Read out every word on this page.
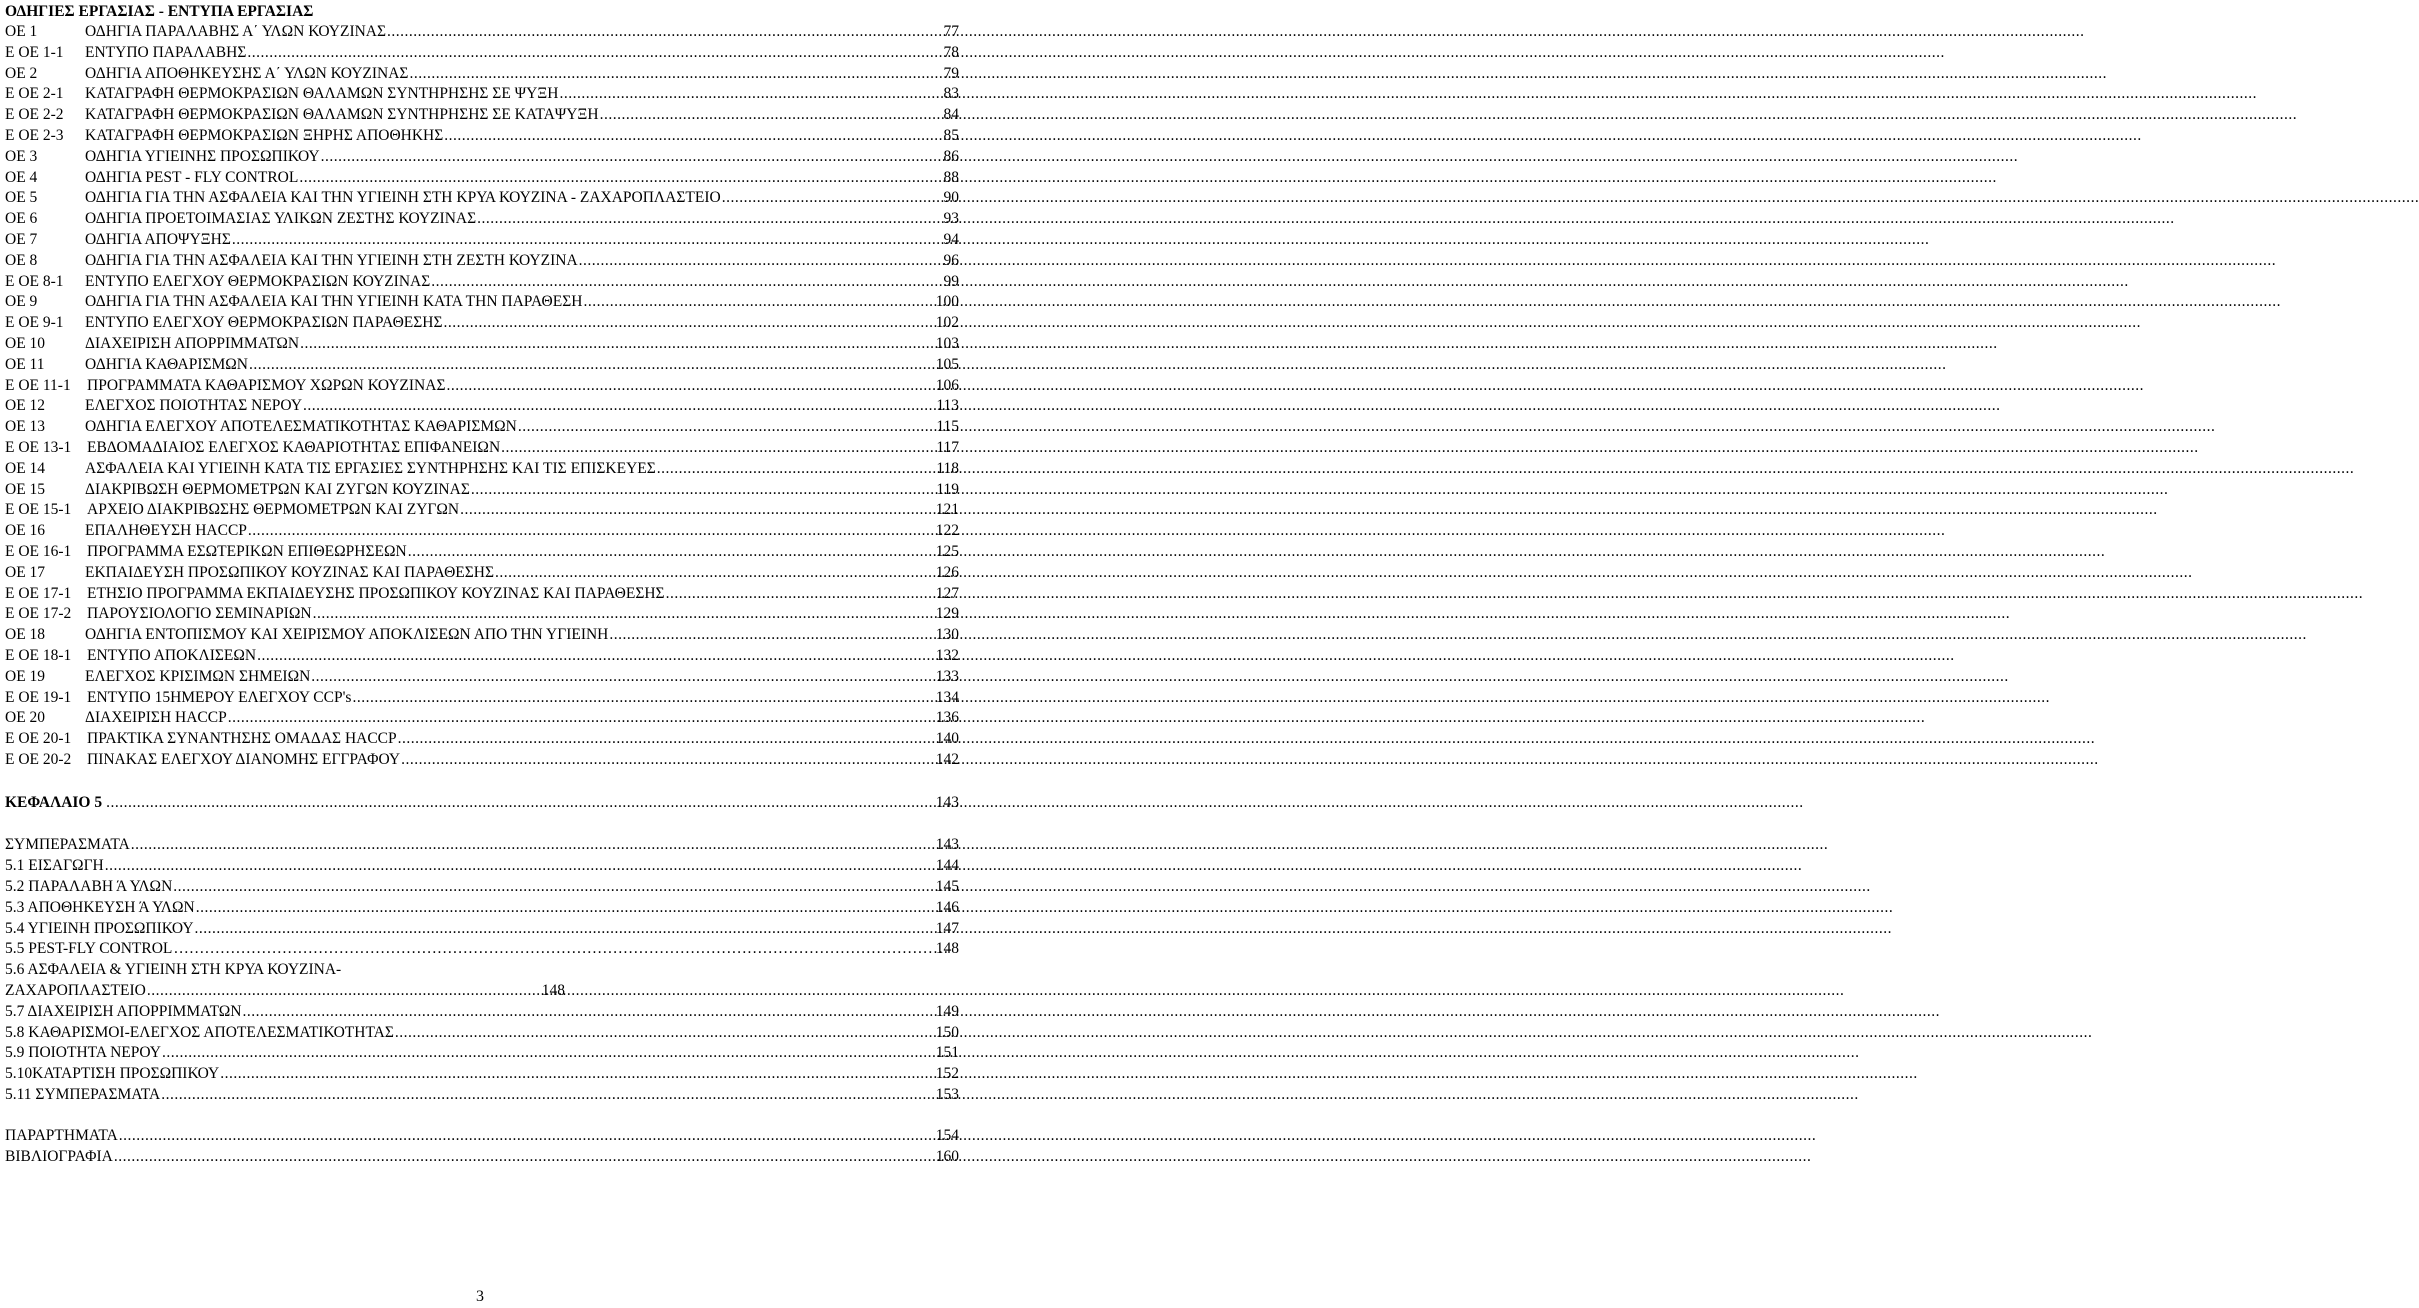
ΟΔΗΓΙΕΣ ΕΡΓΑΣΙΑΣ - ΕΝΤΥΠΑ ΕΡΓΑΣΙΑΣ
ΟΕ 1	ΟΔΗΓΙΑ ΠΑΡΑΛΑΒΗΣ Α΄ ΥΛΩΝ ΚΟΥΖΙΝΑΣ .....	77
Ε ΟΕ 1-1	ΕΝΤΥΠΟ ΠΑΡΑΛΑΒΗΣ .....	78
ΟΕ 2	ΟΔΗΓΙΑ ΑΠΟΘΗΚΕΥΣΗΣ Α΄ ΥΛΩΝ ΚΟΥΖΙΝΑΣ .....	79
Ε ΟΕ 2-1	ΚΑΤΑΓΡΑΦΗ ΘΕΡΜΟΚΡΑΣΙΩΝ ΘΑΛΑΜΩΝ ΣΥΝΤΗΡΗΣΗΣ ΣΕ ΨΥΞΗ .....	83
Ε ΟΕ 2-2	ΚΑΤΑΓΡΑΦΗ ΘΕΡΜΟΚΡΑΣΙΩΝ ΘΑΛΑΜΩΝ ΣΥΝΤΗΡΗΣΗΣ ΣΕ ΚΑΤΑΨΥΞΗ .....	84
Ε ΟΕ 2-3	ΚΑΤΑΓΡΑΦΗ ΘΕΡΜΟΚΡΑΣΙΩΝ ΞΗΡΗΣ ΑΠΟΘΗΚΗΣ .....	85
ΟΕ 3	ΟΔΗΓΙΑ ΥΓΙΕΙΝΗΣ ΠΡΟΣΩΠΙΚΟΥ .....	86
ΟΕ 4	ΟΔΗΓΙΑ PEST - FLY CONTROL .....	88
ΟΕ 5	ΟΔΗΓΙΑ ΓΙΑ ΤΗΝ ΑΣΦΑΛΕΙΑ ΚΑΙ ΤΗΝ ΥΓΙΕΙΝΗ ΣΤΗ ΚΡΥΑ ΚΟΥΖΙΝΑ - ΖΑΧΑΡΟΠΛΑΣΤΕΙΟ .....	90
ΟΕ 6	ΟΔΗΓΙΑ ΠΡΟΕΤΟΙΜΑΣΙΑΣ ΥΛΙΚΩΝ ΖΕΣΤΗΣ ΚΟΥΖΙΝΑΣ .....	93
ΟΕ 7	ΟΔΗΓΙΑ ΑΠΟΨΥΞΗΣ .....	94
ΟΕ 8	ΟΔΗΓΙΑ ΓΙΑ ΤΗΝ ΑΣΦΑΛΕΙΑ ΚΑΙ ΤΗΝ ΥΓΙΕΙΝΗ ΣΤΗ ΖΕΣΤΗ ΚΟΥΖΙΝΑ .....	96
Ε ΟΕ 8-1	ΕΝΤΥΠΟ ΕΛΕΓΧΟΥ ΘΕΡΜΟΚΡΑΣΙΩΝ ΚΟΥΖΙΝΑΣ .....	99
ΟΕ 9	ΟΔΗΓΙΑ ΓΙΑ ΤΗΝ ΑΣΦΑΛΕΙΑ ΚΑΙ ΤΗΝ ΥΓΙΕΙΝΗ ΚΑΤΑ ΤΗΝ ΠΑΡΑΘΕΣΗ .....	100
Ε ΟΕ 9-1	ΕΝΤΥΠΟ ΕΛΕΓΧΟΥ ΘΕΡΜΟΚΡΑΣΙΩΝ ΠΑΡΑΘΕΣΗΣ .....	102
ΟΕ 10	ΔΙΑΧΕΙΡΙΣΗ ΑΠΟΡΡΙΜΜΑΤΩΝ .....	103
ΟΕ 11	ΟΔΗΓΙΑ ΚΑΘΑΡΙΣΜΩΝ .....	105
Ε ΟΕ 11-1	ΠΡΟΓΡΑΜΜΑΤΑ ΚΑΘΑΡΙΣΜΟΥ ΧΩΡΩΝ ΚΟΥΖΙΝΑΣ .....	106
ΟΕ 12	ΕΛΕΓΧΟΣ ΠΟΙΟΤΗΤΑΣ ΝΕΡΟΥ .....	113
ΟΕ 13	ΟΔΗΓΙΑ ΕΛΕΓΧΟΥ ΑΠΟΤΕΛΕΣΜΑΤΙΚΟΤΗΤΑΣ ΚΑΘΑΡΙΣΜΩΝ .....	115
Ε ΟΕ 13-1	ΕΒΔΟΜΑΔΙΑΙΟΣ ΕΛΕΓΧΟΣ ΚΑΘΑΡΙΟΤΗΤΑΣ ΕΠΙΦΑΝΕΙΩΝ .....	117
ΟΕ 14	ΑΣΦΑΛΕΙΑ ΚΑΙ ΥΓΙΕΙΝΗ ΚΑΤΑ ΤΙΣ ΕΡΓΑΣΙΕΣ ΣΥΝΤΗΡΗΣΗΣ ΚΑΙ ΤΙΣ ΕΠΙΣΚΕΥΕΣ .....	118
ΟΕ 15	ΔΙΑΚΡΙΒΩΣΗ ΘΕΡΜΟΜΕΤΡΩΝ ΚΑΙ ΖΥΓΩΝ ΚΟΥΖΙΝΑΣ .....	119
Ε ΟΕ 15-1	ΑΡΧΕΙΟ ΔΙΑΚΡΙΒΩΣΗΣ ΘΕΡΜΟΜΕΤΡΩΝ ΚΑΙ ΖΥΓΩΝ .....	121
ΟΕ 16	ΕΠΑΛΗΘΕΥΣΗ HACCP .....	122
Ε ΟΕ 16-1	ΠΡΟΓΡΑΜΜΑ ΕΣΩΤΕΡΙΚΩΝ ΕΠΙΘΕΩΡΗΣΕΩΝ .....	125
ΟΕ 17	ΕΚΠΑΙΔΕΥΣΗ ΠΡΟΣΩΠΙΚΟΥ ΚΟΥΖΙΝΑΣ ΚΑΙ ΠΑΡΑΘΕΣΗΣ .....	126
Ε ΟΕ 17-1	ΕΤΗΣΙΟ ΠΡΟΓΡΑΜΜΑ ΕΚΠΑΙΔΕΥΣΗΣ ΠΡΟΣΩΠΙΚΟΥ ΚΟΥΖΙΝΑΣ ΚΑΙ ΠΑΡΑΘΕΣΗΣ .....	127
Ε ΟΕ 17-2	ΠΑΡΟΥΣΙΟΛΟΓΙΟ ΣΕΜΙΝΑΡΙΩΝ .....	129
ΟΕ 18	ΟΔΗΓΙΑ ΕΝΤΟΠΙΣΜΟΥ ΚΑΙ ΧΕΙΡΙΣΜΟΥ ΑΠΟΚΛΙΣΕΩΝ ΑΠΟ ΤΗΝ ΥΓΙΕΙΝΗ .....	130
Ε ΟΕ 18-1	ΕΝΤΥΠΟ ΑΠΟΚΛΙΣΕΩΝ .....	132
ΟΕ 19	ΕΛΕΓΧΟΣ ΚΡΙΣΙΜΩΝ ΣΗΜΕΙΩΝ .....	133
Ε ΟΕ 19-1	ΕΝΤΥΠΟ 15ΗΜΕΡΟΥ ΕΛΕΓΧΟΥ CCP's .....	134
ΟΕ 20	ΔΙΑΧΕΙΡΙΣΗ HACCP .....	136
Ε ΟΕ 20-1	ΠΡΑΚΤΙΚΑ ΣΥΝΑΝΤΗΣΗΣ ΟΜΑΔΑΣ HACCP .....	140
Ε ΟΕ 20-2	ΠΙΝΑΚΑΣ ΕΛΕΓΧΟΥ ΔΙΑΝΟΜΗΣ ΕΓΓΡΑΦΟΥ .....	142
ΚΕΦΑΛΑΙΟ 5 .....	143
ΣΥΜΠΕΡΑΣΜΑΤΑ .....	143
5.1 ΕΙΣΑΓΩΓΗ .....	144
5.2 ΠΑΡΑΛΑΒΗ Ά ΥΛΩΝ .....	145
5.3 ΑΠΟΘΗΚΕΥΣΗ Ά ΥΛΩΝ .....	146
5.4 ΥΓΙΕΙΝΗ ΠΡΟΣΩΠΙΚΟΥ .....	147
5.5 PEST-FLY CONTROL ……………………………………………………………………………………………………………………………………	148
5.6 ΑΣΦΑΛΕΙΑ & ΥΓΙΕΙΝΗ ΣΤΗ ΚΡΥΑ ΚΟΥΖΙΝΑ-
ΖΑΧΑΡΟΠΛΑΣΤΕΙΟ .....	148
5.7 ΔΙΑΧΕΙΡΙΣΗ ΑΠΟΡΡΙΜΜΑΤΩΝ .....	149
5.8 ΚΑΘΑΡΙΣΜΟΙ-ΕΛΕΓΧΟΣ ΑΠΟΤΕΛΕΣΜΑΤΙΚΟΤΗΤΑΣ .....	150
5.9 ΠΟΙΟΤΗΤΑ ΝΕΡΟΥ .....	151
5.10ΚΑΤΑΡΤΙΣΗ ΠΡΟΣΩΠΙΚΟΥ .....	152
5.11 ΣΥΜΠΕΡΑΣΜΑΤΑ .....	153
ΠΑΡΑΡΤΗΜΑΤΑ .....	154
ΒΙΒΛΙΟΓΡΑΦΙΑ .....	160
3
